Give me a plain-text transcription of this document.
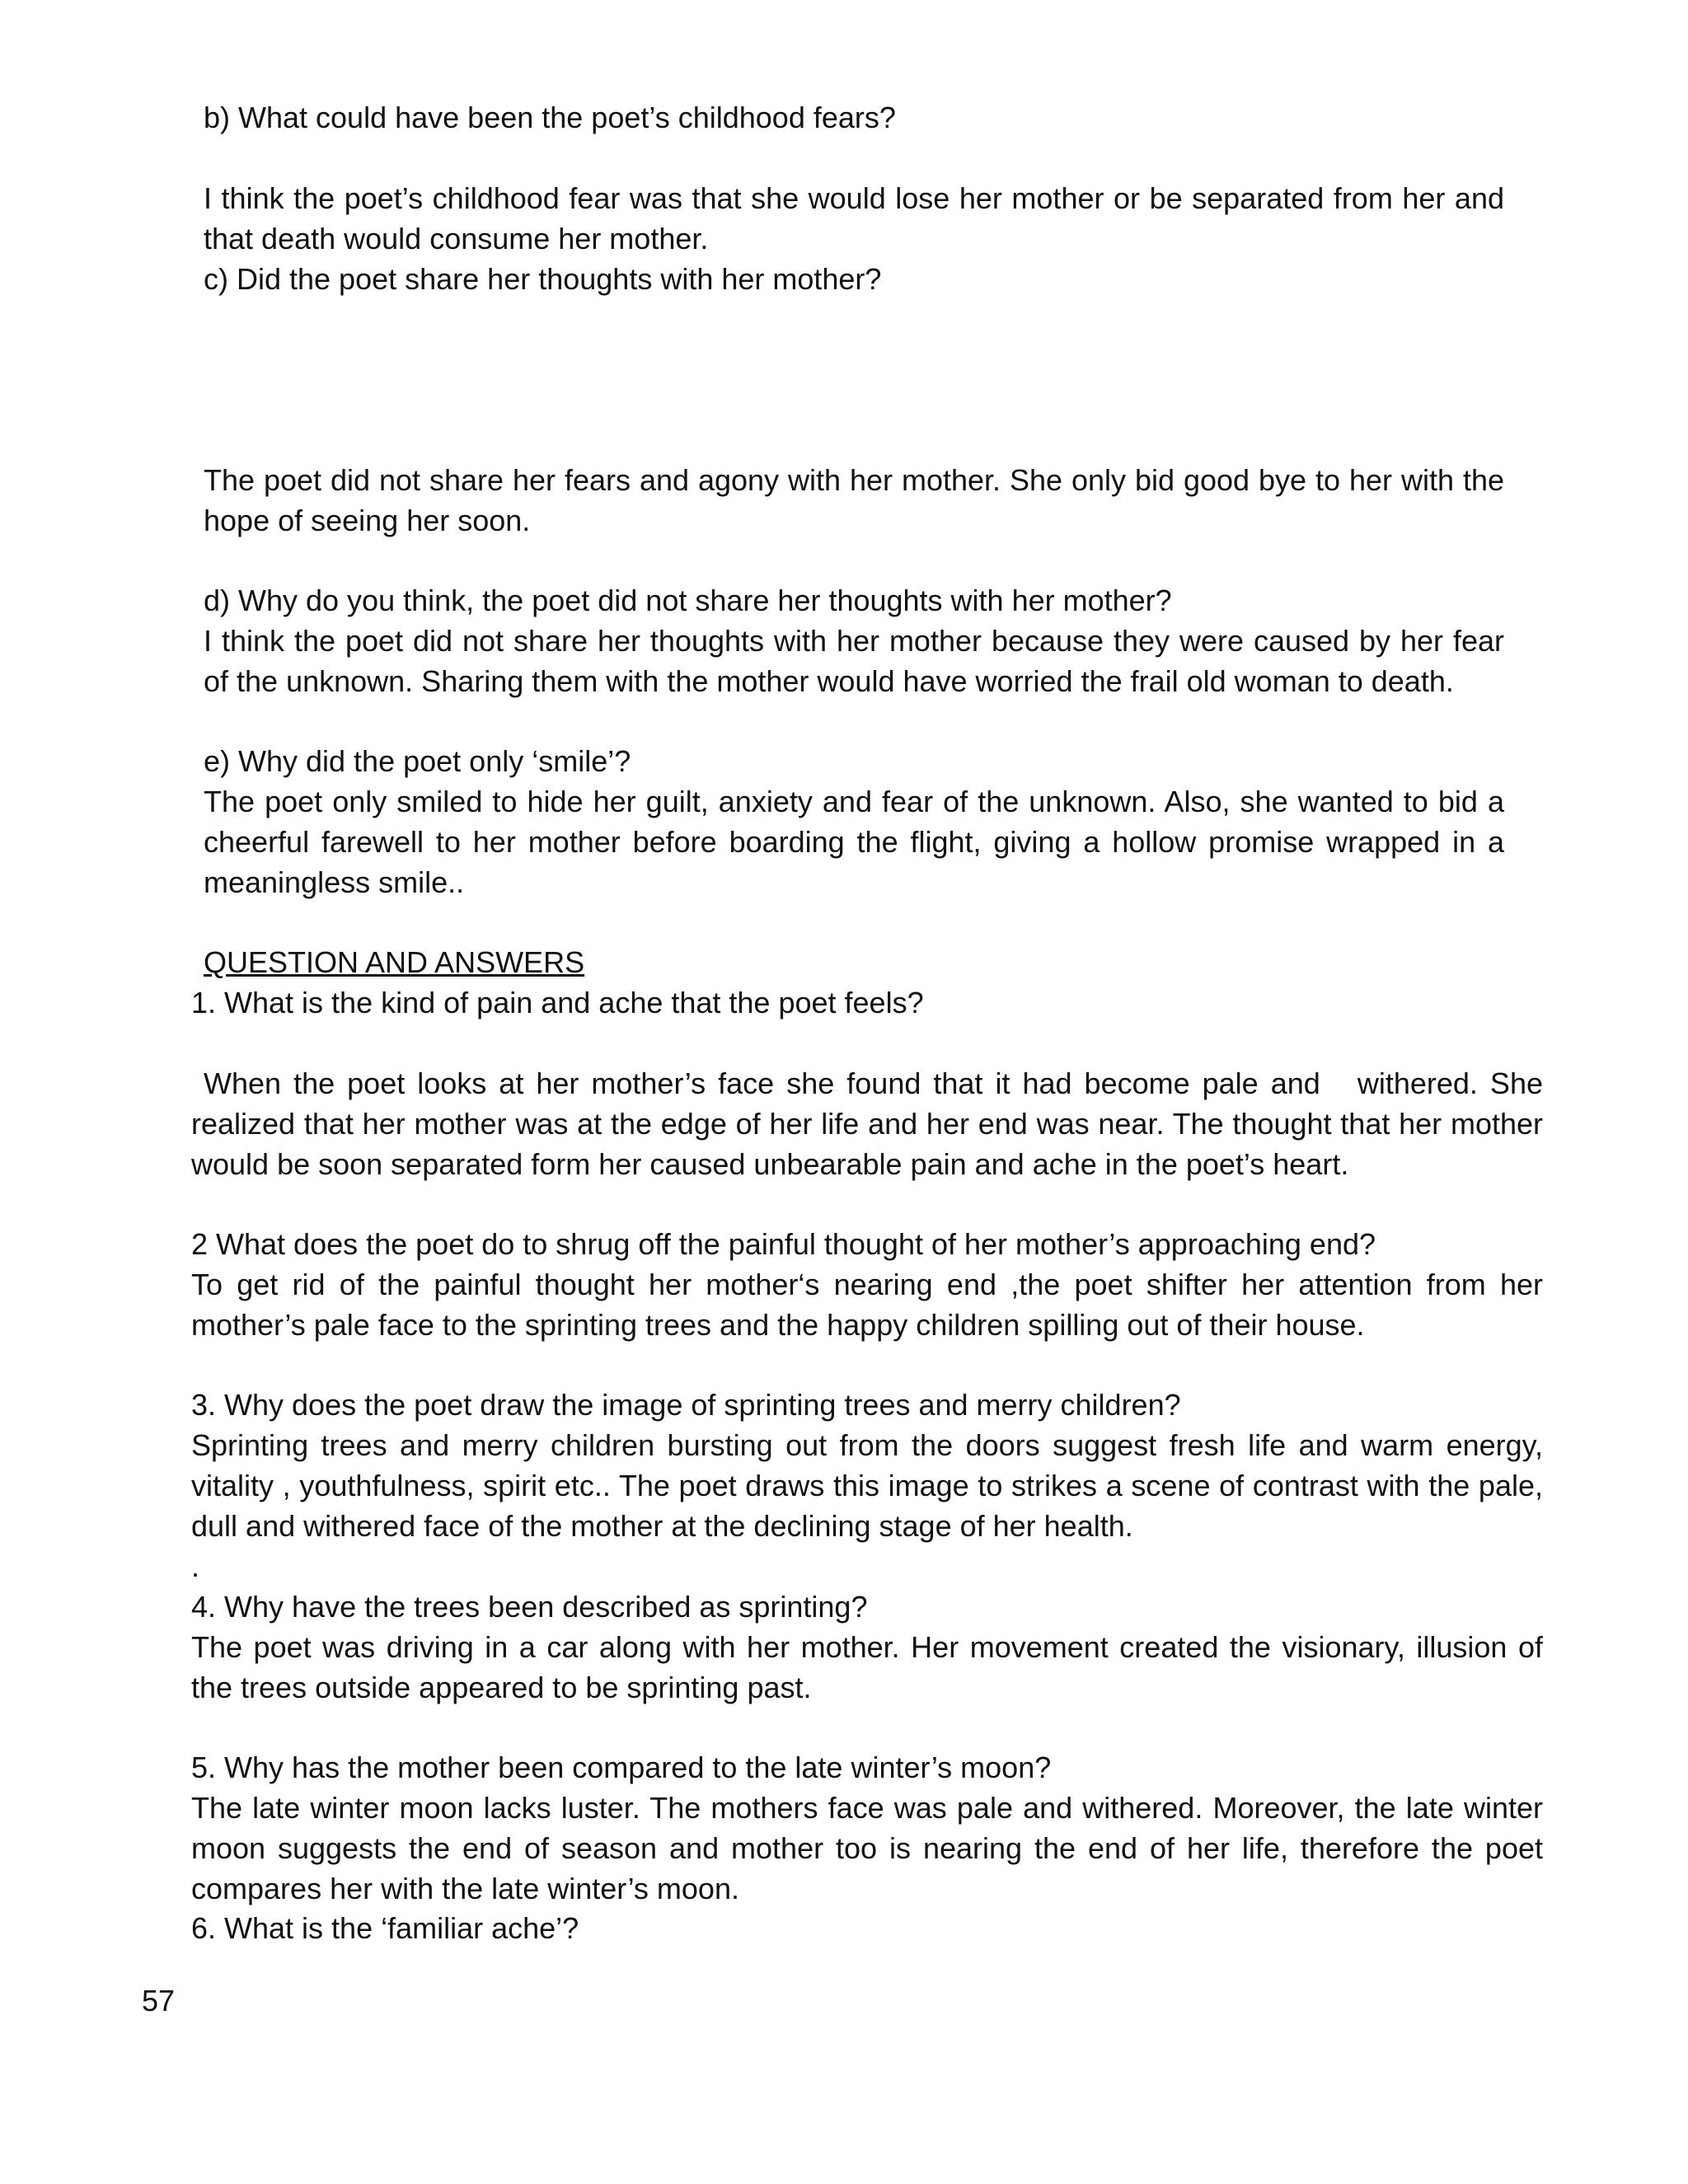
b) What could have been the poet’s childhood fears?

I think the poet’s childhood fear was that she would lose her mother or be separated from her and that death would consume her mother.

c) Did the poet share her thoughts with her mother?

The poet did not share her fears and agony with her mother. She only bid good bye to her with the hope of seeing her soon.

d) Why do you think, the poet did not share her thoughts with her mother?

I think the poet did not share her thoughts with her mother because they were caused by her fear of the unknown. Sharing them with the mother would have worried the frail old woman to death.

e) Why did the poet only ‘smile’?

The poet only smiled to hide her guilt, anxiety and fear of the unknown. Also, she wanted to bid a cheerful farewell to her mother before boarding the flight, giving a hollow promise wrapped in a meaningless smile..

QUESTION AND ANSWERS

1. What is the kind of pain and ache that the poet feels?

When the poet looks at her mother’s face she found that it had become pale and   withered. She realized that her mother was at the edge of her life and her end was near. The thought that her mother would be soon separated form her caused unbearable pain and ache in the poet’s heart.

2 What does the poet do to shrug off the painful thought of her mother’s approaching end?

To get rid of the painful thought her mother‘s nearing end ,the poet shifter her attention from her mother’s pale face to the sprinting trees and the happy children spilling out of their house.

3. Why does the poet draw the image of sprinting trees and merry children?

Sprinting trees and merry children bursting out from the doors suggest fresh life and warm energy, vitality , youthfulness, spirit etc.. The poet draws this image to strikes a scene of contrast with the pale, dull and withered face of the mother at the declining stage of her health.

.

4. Why have the trees been described as sprinting?

The poet was driving in a car along with her mother. Her movement created the visionary, illusion of the trees outside appeared to be sprinting past.

5. Why has the mother been compared to the late winter’s moon?

The late winter moon lacks luster. The mothers face was pale and withered. Moreover, the late winter moon suggests the end of season and mother too is nearing the end of her life, therefore the poet compares her with the late winter’s moon.

6. What is the ‘familiar ache’?

57
